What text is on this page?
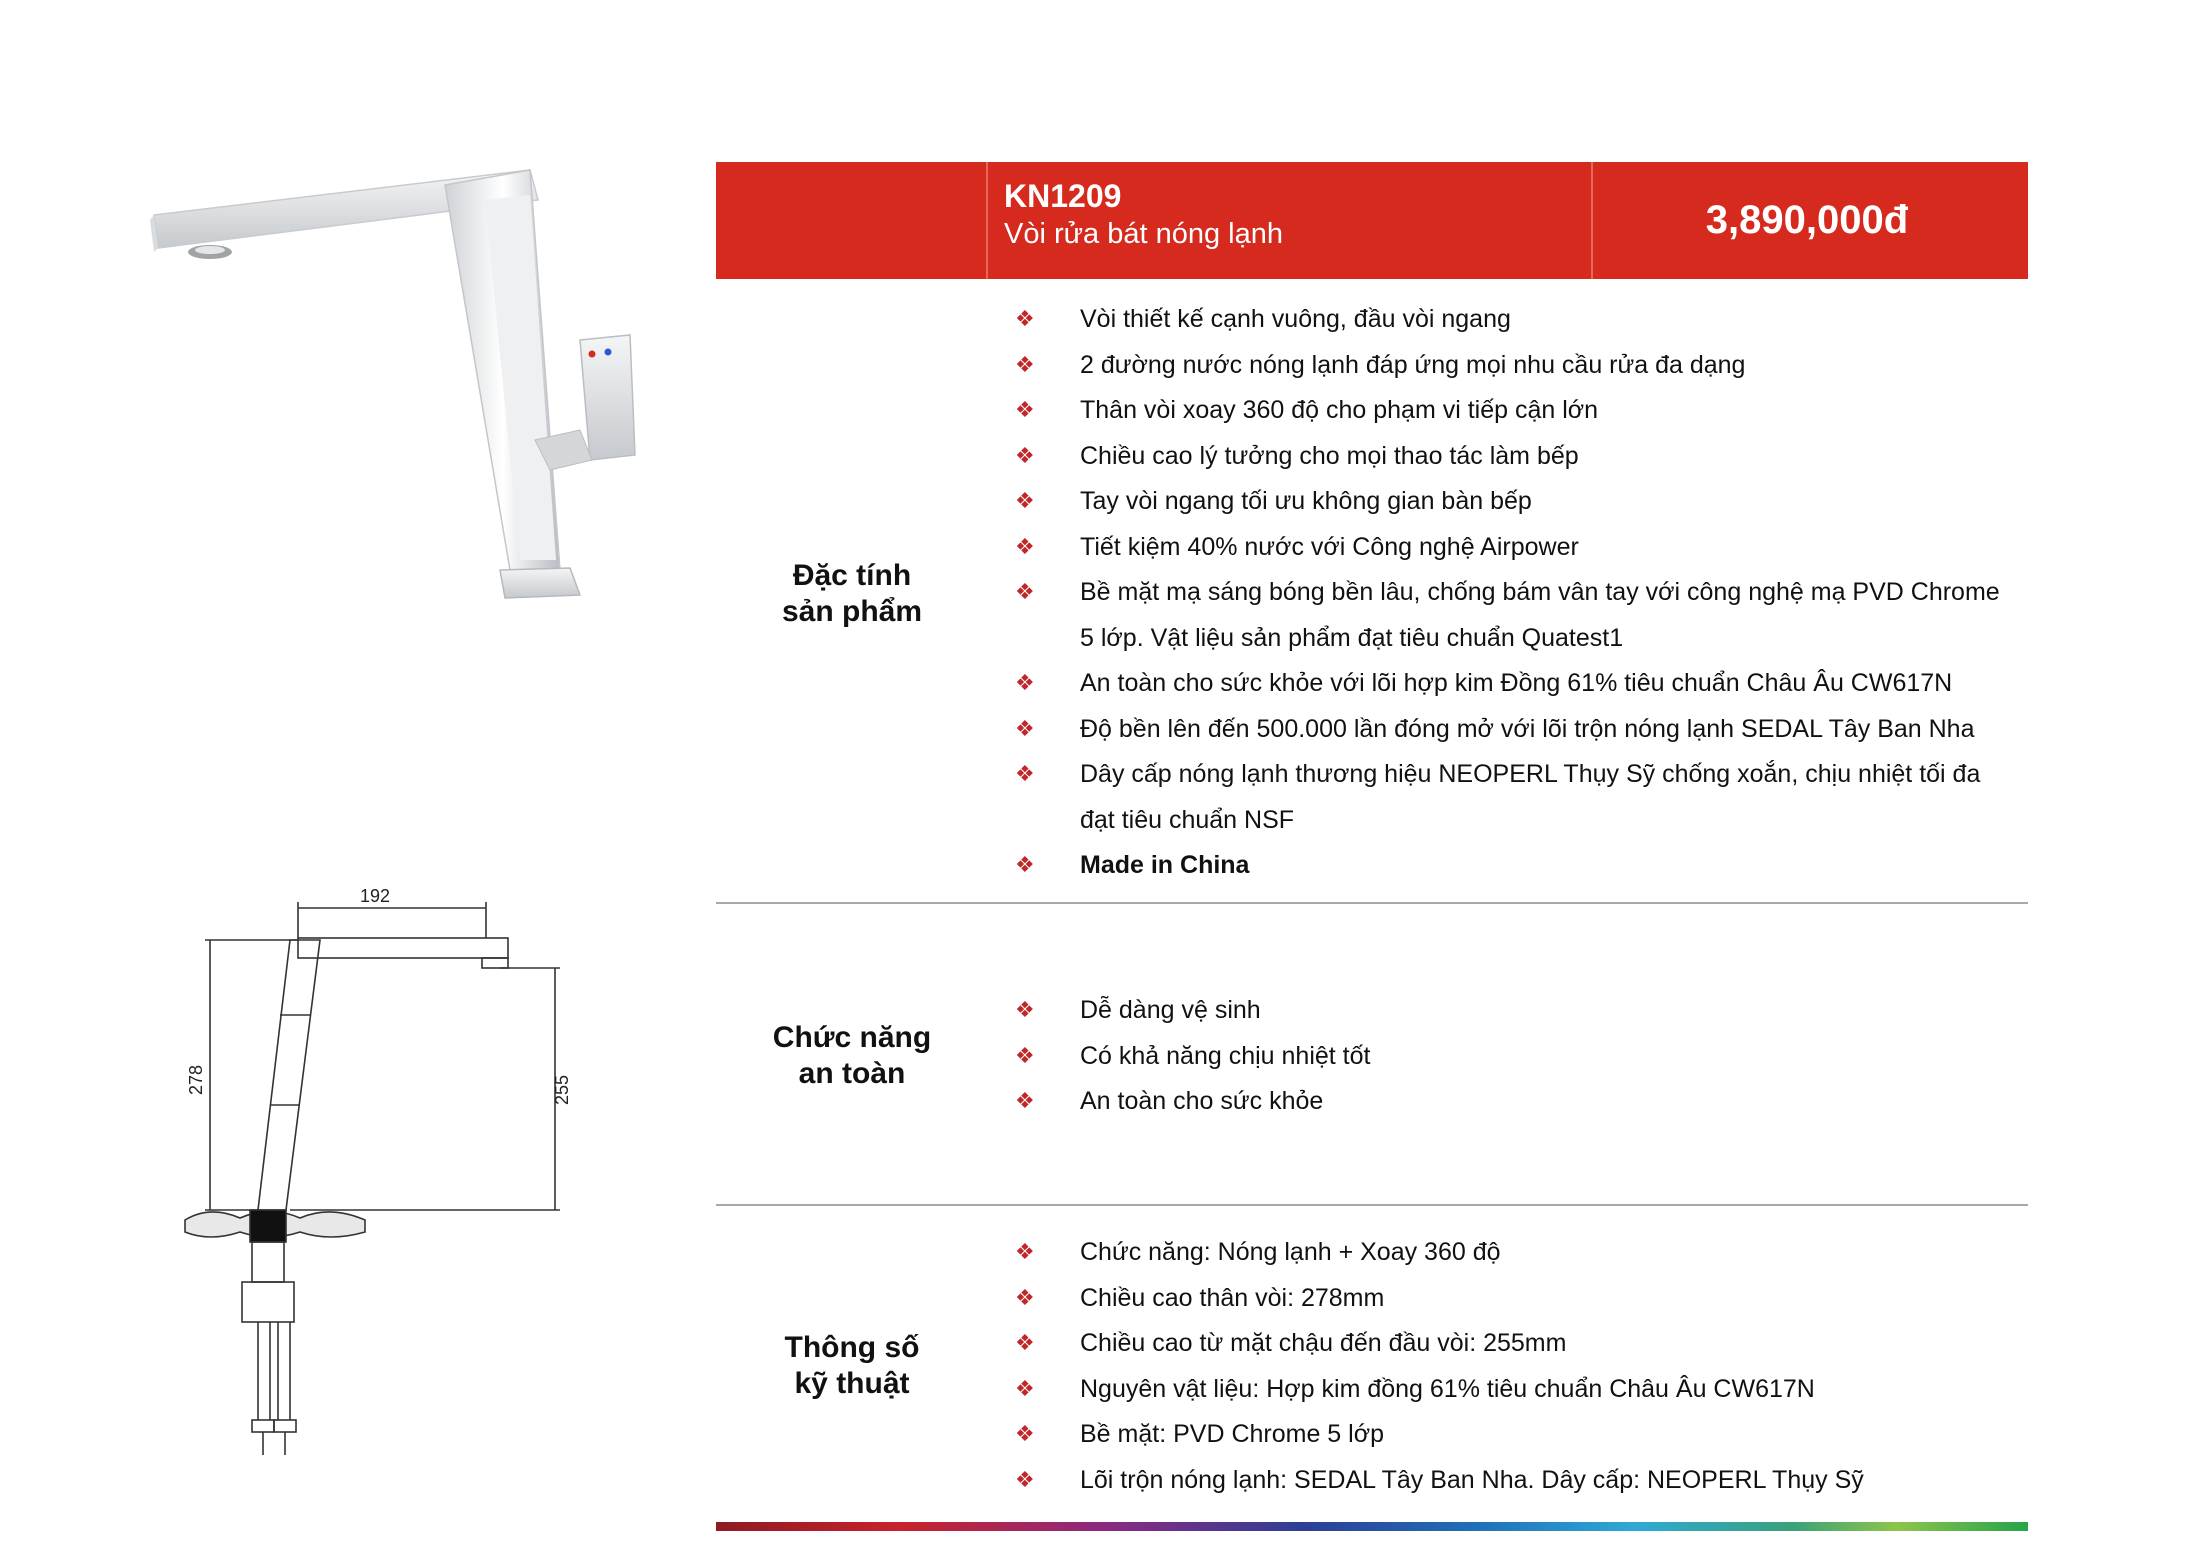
192
278	255
KN1209
Vòi rửa bát nóng lạnh	3,890,000đ
Đặc tính
sản phẩm
❖ Vòi thiết kế cạnh vuông, đầu vòi ngang
❖ 2 đường nước nóng lạnh đáp ứng mọi nhu cầu rửa đa dạng
❖ Thân vòi xoay 360 độ cho phạm vi tiếp cận lớn
❖ Chiều cao lý tưởng cho mọi thao tác làm bếp
❖ Tay vòi ngang tối ưu không gian bàn bếp
❖ Tiết kiệm 40% nước với Công nghệ Airpower
❖ Bề mặt mạ sáng bóng bền lâu, chống bám vân tay với công nghệ mạ PVD Chrome 5 lớp. Vật liệu sản phẩm đạt tiêu chuẩn Quatest1
❖ An toàn cho sức khỏe với lõi hợp kim Đồng 61% tiêu chuẩn Châu Âu CW617N
❖ Độ bền lên đến 500.000 lần đóng mở với lõi trộn nóng lạnh SEDAL Tây Ban Nha
❖ Dây cấp nóng lạnh thương hiệu NEOPERL Thụy Sỹ chống xoắn, chịu nhiệt tối đa đạt tiêu chuẩn NSF
❖ Made in China
Chức năng
an toàn
❖ Dễ dàng vệ sinh
❖ Có khả năng chịu nhiệt tốt
❖ An toàn cho sức khỏe
Thông số
kỹ thuật
❖ Chức năng: Nóng lạnh + Xoay 360 độ
❖ Chiều cao thân vòi: 278mm
❖ Chiều cao từ mặt chậu đến đầu vòi: 255mm
❖ Nguyên vật liệu: Hợp kim đồng 61% tiêu chuẩn Châu Âu CW617N
❖ Bề mặt: PVD Chrome 5 lớp
❖ Lõi trộn nóng lạnh: SEDAL Tây Ban Nha. Dây cấp: NEOPERL Thụy Sỹ
